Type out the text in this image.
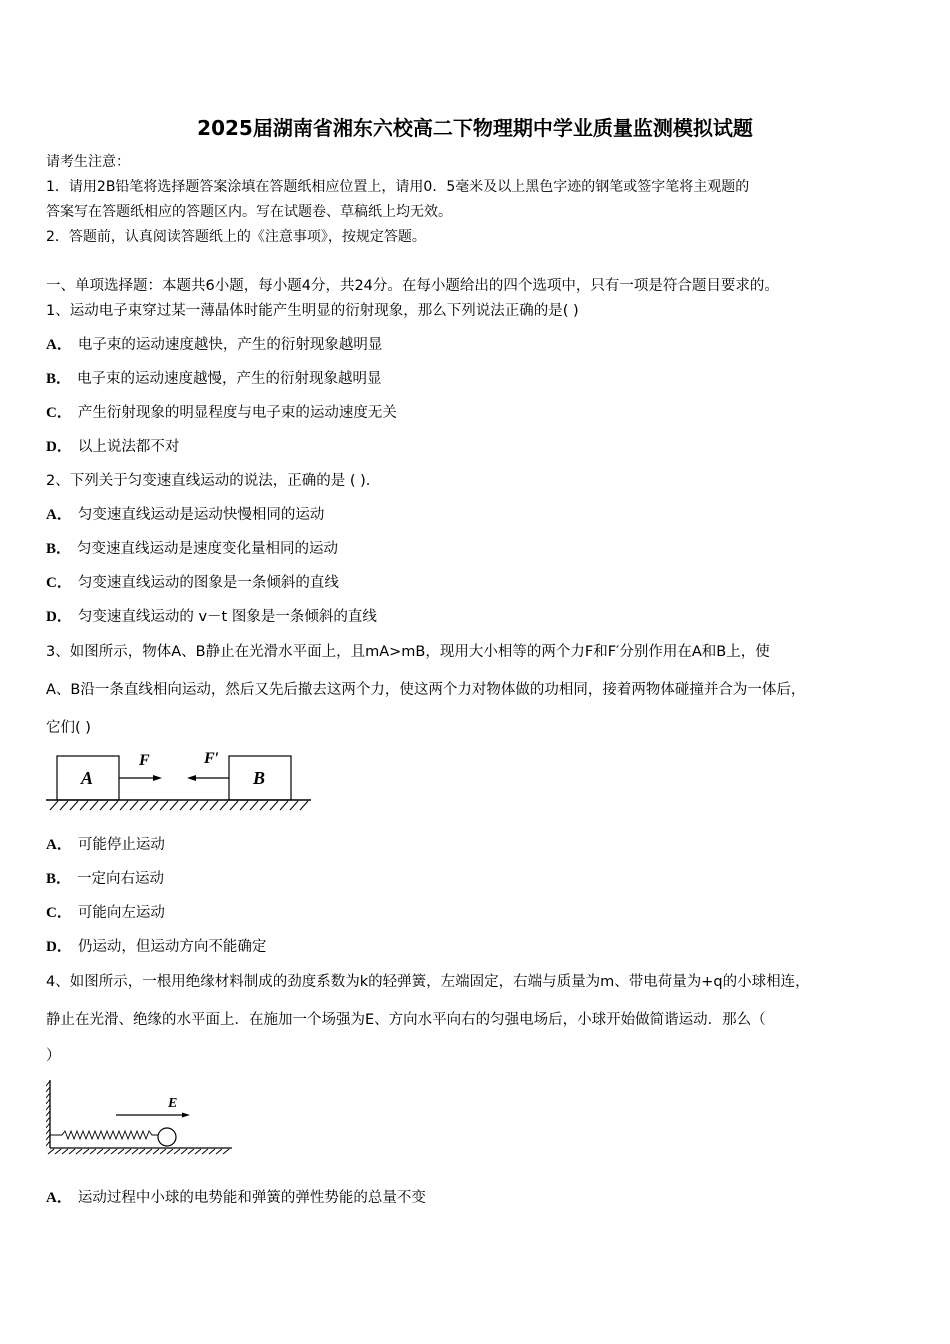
2025届湖南省湘东六校高二下物理期中学业质量监测模拟试题
请考生注意：
1．请用2B铅笔将选择题答案涂填在答题纸相应位置上，请用0．5毫米及以上黑色字迹的钢笔或签字笔将主观题的
答案写在答题纸相应的答题区内。写在试题卷、草稿纸上均无效。
2．答题前，认真阅读答题纸上的《注意事项》，按规定答题。
一、单项选择题：本题共6小题，每小题4分，共24分。在每小题给出的四个选项中，只有一项是符合题目要求的。
1、运动电子束穿过某一薄晶体时能产生明显的衍射现象，那么下列说法正确的是( )
A． 电子束的运动速度越快，产生的衍射现象越明显
B． 电子束的运动速度越慢，产生的衍射现象越明显
C． 产生衍射现象的明显程度与电子束的运动速度无关
D． 以上说法都不对
2、下列关于匀变速直线运动的说法，正确的是 ( ).
A． 匀变速直线运动是运动快慢相同的运动
B． 匀变速直线运动是速度变化量相同的运动
C． 匀变速直线运动的图象是一条倾斜的直线
D． 匀变速直线运动的 v－t 图象是一条倾斜的直线
3、如图所示，物体A、B静止在光滑水平面上，且mA>mB，现用大小相等的两个力F和F′分别作用在A和B上，使
A、B沿一条直线相向运动，然后又先后撤去这两个力，使这两个力对物体做的功相同，接着两物体碰撞并合为一体后，
它们( )
A	B
F	F′
A． 可能停止运动
B． 一定向右运动
C． 可能向左运动
D． 仍运动，但运动方向不能确定
4、如图所示，一根用绝缘材料制成的劲度系数为k的轻弹簧，左端固定，右端与质量为m、带电荷量为+q的小球相连，
静止在光滑、绝缘的水平面上．在施加一个场强为E、方向水平向右的匀强电场后，小球开始做简谐运动．那么（
）
E
A． 运动过程中小球的电势能和弹簧的弹性势能的总量不变
